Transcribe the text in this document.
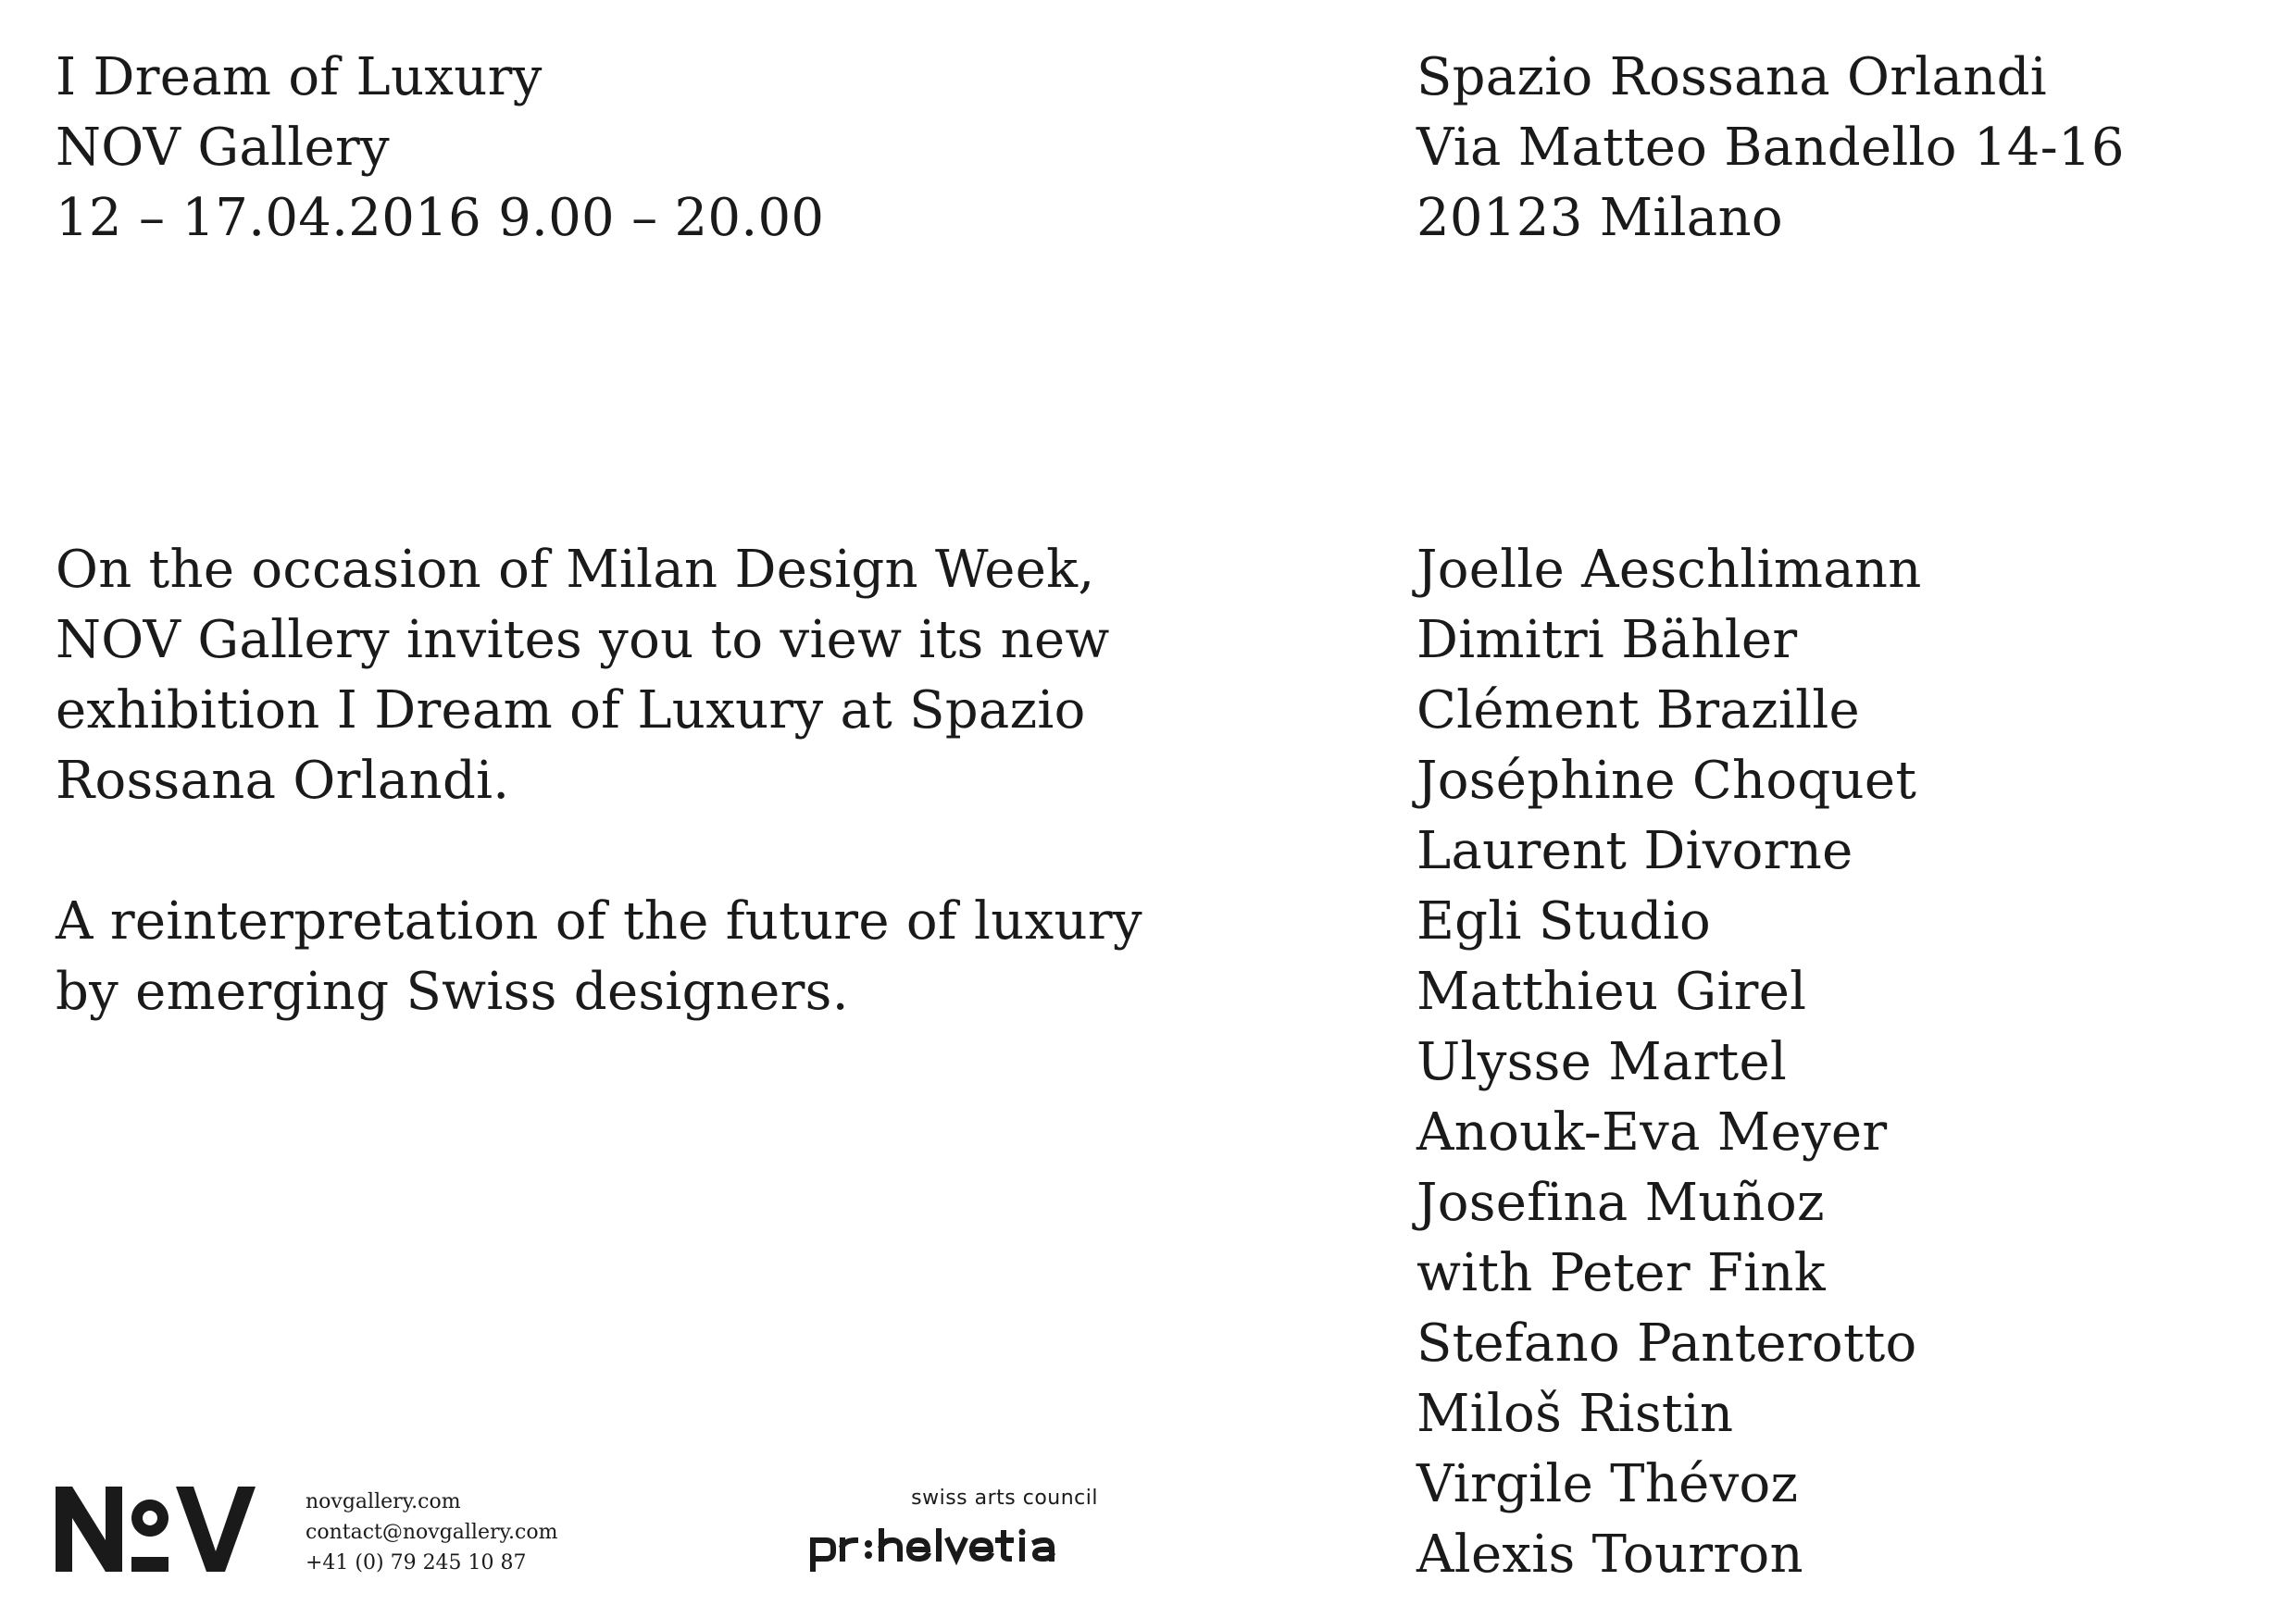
I Dream of Luxury
NOV Gallery
12 – 17.04.2016 9.00 – 20.00
Spazio Rossana Orlandi
Via Matteo Bandello 14-16
20123 Milano
On the occasion of Milan Design Week,
NOV Gallery invites you to view its new
exhibition I Dream of Luxury at Spazio
Rossana Orlandi.
A reinterpretation of the future of luxury
by emerging Swiss designers.
Joelle Aeschlimann
Dimitri Bähler
Clément Brazille
Joséphine Choquet
Laurent Divorne
Egli Studio
Matthieu Girel
Ulysse Martel
Anouk-Eva Meyer
Josefina Muñoz
with Peter Fink
Stefano Panterotto
Miloš Ristin
Virgile Thévoz
Alexis Tourron
novgallery.com
contact@novgallery.com
+41 (0) 79 245 10 87
swiss arts council
